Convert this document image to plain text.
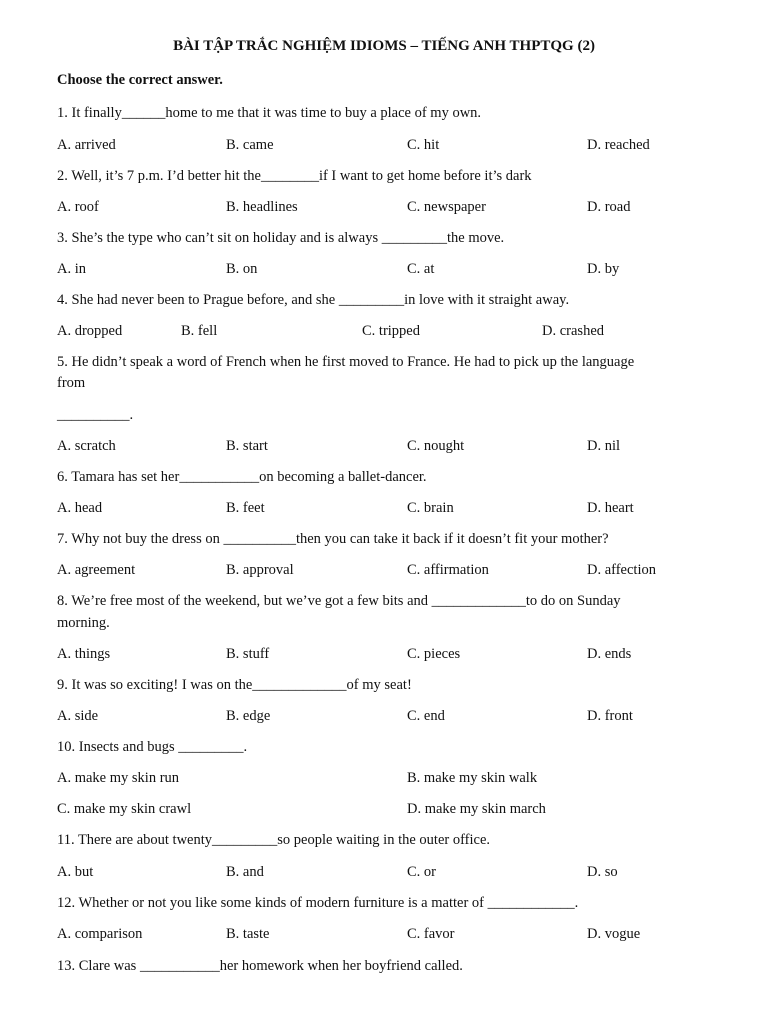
BÀI TẬP TRẮC NGHIỆM IDIOMS – TIẾNG ANH THPTQG (2)
Choose the correct answer.
1. It finally______home to me that it was time to buy a place of my own.
A. arrived	B. came	C. hit	D. reached
2. Well, it’s 7 p.m. I’d better hit the________if I want to get home before it’s dark
A. roof	B. headlines	C. newspaper	D. road
3. She’s the type who can’t sit on holiday and is always _________the move.
A. in	B. on	C. at	D. by
4. She had never been to Prague before, and she _________in love with it straight away.
A. dropped	B. fell	C. tripped	D. crashed
5. He didn’t speak a word of French when he first moved to France. He had to pick up the language
from
__________.
A. scratch	B. start	C. nought	D. nil
6. Tamara has set her___________on becoming a ballet-dancer.
A. head	B. feet	C. brain	D. heart
7. Why not buy the dress on __________then you can take it back if it doesn’t fit your mother?
A. agreement	B. approval	C. affirmation	D. affection
8. We’re free most of the weekend, but we’ve got a few bits and _____________to do on Sunday
morning.
A. things	B. stuff	C. pieces	D. ends
9. It was so exciting! I was on the_____________of my seat!
A. side	B. edge	C. end	D. front
10. Insects and bugs _________.
A. make my skin run	B. make my skin walk
C. make my skin crawl	D. make my skin march
11. There are about twenty_________so people waiting in the outer office.
A. but	B. and	C. or	D. so
12. Whether or not you like some kinds of modern furniture is a matter of ____________.
A. comparison	B. taste	C. favor	D. vogue
13. Clare was ___________her homework when her boyfriend called.
